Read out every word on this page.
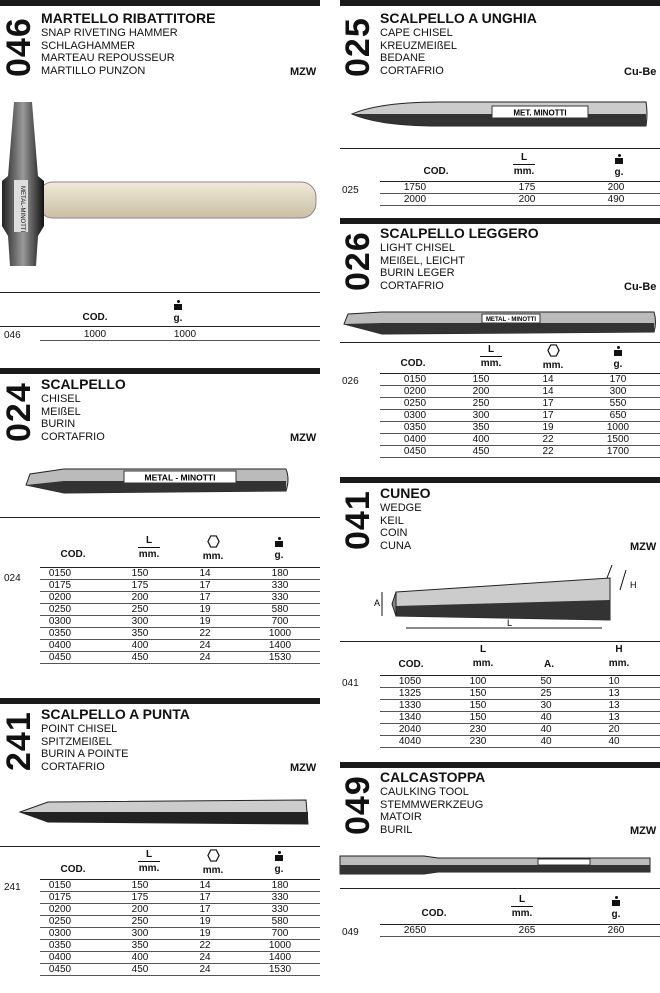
046 MARTELLO RIBATTITORE
SNAP RIVETING HAMMER
SCHLAGHAMMER
MARTEAU REPOUSSEUR
MARTILLO PUNZON	MZW
METAL-MINOTTI
COD.	g.
046	1000	1000
024 SCALPELLO
CHISEL
MEIßEL
BURIN
CORTAFRIO	MZW
METAL - MINOTTI
COD.
L
mm.	mm.	g.
024	0150	150	14	180
0175	175	17	330
0200	200	17	330
0250	250	19	580
0300	300	19	700
0350	350	22	1000
0400	400	24	1400
0450	450	24	1530
241 SCALPELLO A PUNTA
POINT CHISEL
SPITZMEIßEL
BURIN A POINTE
CORTAFRIO	MZW
COD.
L
mm.	mm.	g.
241	0150	150	14	180
0175	175	17	330
0200	200	17	330
0250	250	19	580
0300	300	19	700
0350	350	22	1000
0400	400	24	1400
0450	450	24	1530
025 SCALPELLO A UNGHIA
CAPE CHISEL
KREUZMEIßEL
BEDANE
CORTAFRIO	Cu-Be
MET. MINOTTI
COD.
L
mm.	g.
025	1750	175	200
2000	200	490
026 SCALPELLO LEGGERO
LIGHT CHISEL
MEIßEL, LEICHT
BURIN LEGER
CORTAFRIO	Cu-Be
METAL - MINOTTI
COD.
L
mm.	mm.	g.
026	0150	150	14	170
0200	200	14	300
0250	250	17	550
0300	300	17	650
0350	350	19	1000
0400	400	22	1500
0450	450	22	1700
041 CUNEO
WEDGE
KEIL
COIN
CUNA	MZW
A
L
H
COD.
L
mm.	A.
H
mm.
041	1050	100	50	10
1325	150	25	13
1330	150	30	13
1340	150	40	13
2040	230	40	20
4040	230	40	40
049 CALCASTOPPA
CAULKING TOOL
STEMMWERKZEUG
MATOIR
BURIL	MZW
COD.
L
mm.	g.
049	2650	265	260
